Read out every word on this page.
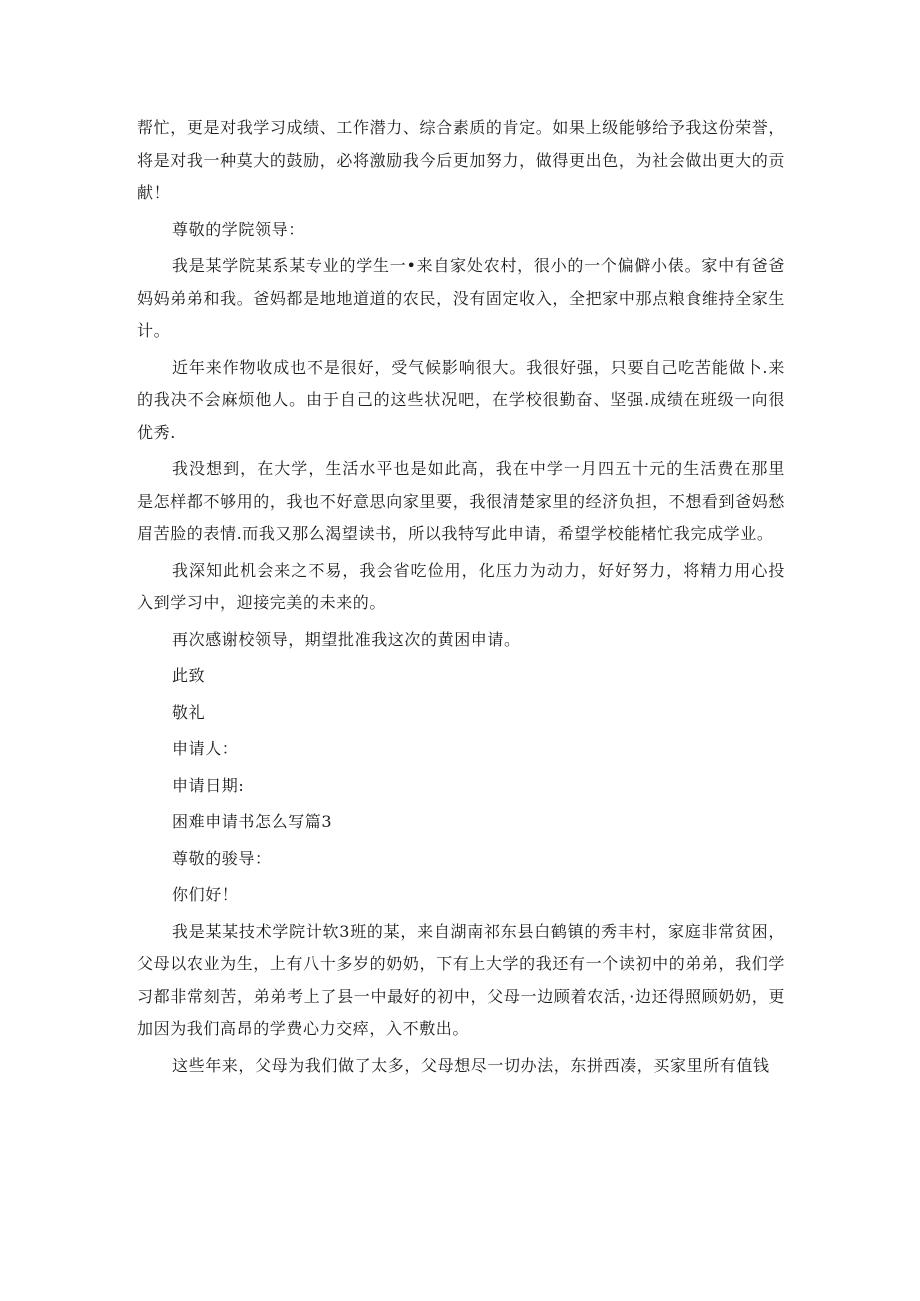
帮忙，更是对我学习成绩、工作潜力、综合素质的肯定。如果上级能够给予我这份荣誉，将是对我一种莫大的鼓励，必将激励我今后更加努力，做得更出色，为社会做出更大的贡献！

尊敬的学院领导：

我是某学院某系某专业的学生一•来自家处农村，很小的一个偏僻小俵。家中有爸爸妈妈弟弟和我。爸妈都是地地道道的农民，没有固定收入，全把家中那点粮食维持全家生计。

近年来作物收成也不是很好，受气候影响很大。我很好强，只要自己吃苦能做卜.来的我决不会麻烦他人。由于自己的这些状况吧，在学校很勤奋、坚强.成绩在班级一向很优秀.

我没想到，在大学，生活水平也是如此高，我在中学一月四五十元的生活费在那里是怎样都不够用的，我也不好意思向家里要，我很清楚家里的经济负担，不想看到爸妈愁眉苦脸的表情.而我又那么渴望读书，所以我特写此申请，希望学校能楮忙我完成学业。

我深知此机会来之不易，我会省吃俭用，化压力为动力，好好努力，将精力用心投入到学习中，迎接完美的未来的。

再次感谢校领导，期望批准我这次的黄困申请。

此致

敬礼

申请人：

申请日期:

困难申请书怎么写篇3

尊敬的骏导：

你们好！

我是某某技术学院计软3班的某，来自湖南祁东县白鹤镇的秀丰村，家庭非常贫困，父母以农业为生，上有八十多岁的奶奶，下有上大学的我还有一个读初中的弟弟，我们学习都非常刻苦，弟弟考上了县一中最好的初中，父母一边顾着农活，·边还得照顾奶奶，更加因为我们高昂的学费心力交瘁，入不敷出。

这些年来，父母为我们做了太多，父母想尽一切办法，东拼西凑，买家里所有值钱
